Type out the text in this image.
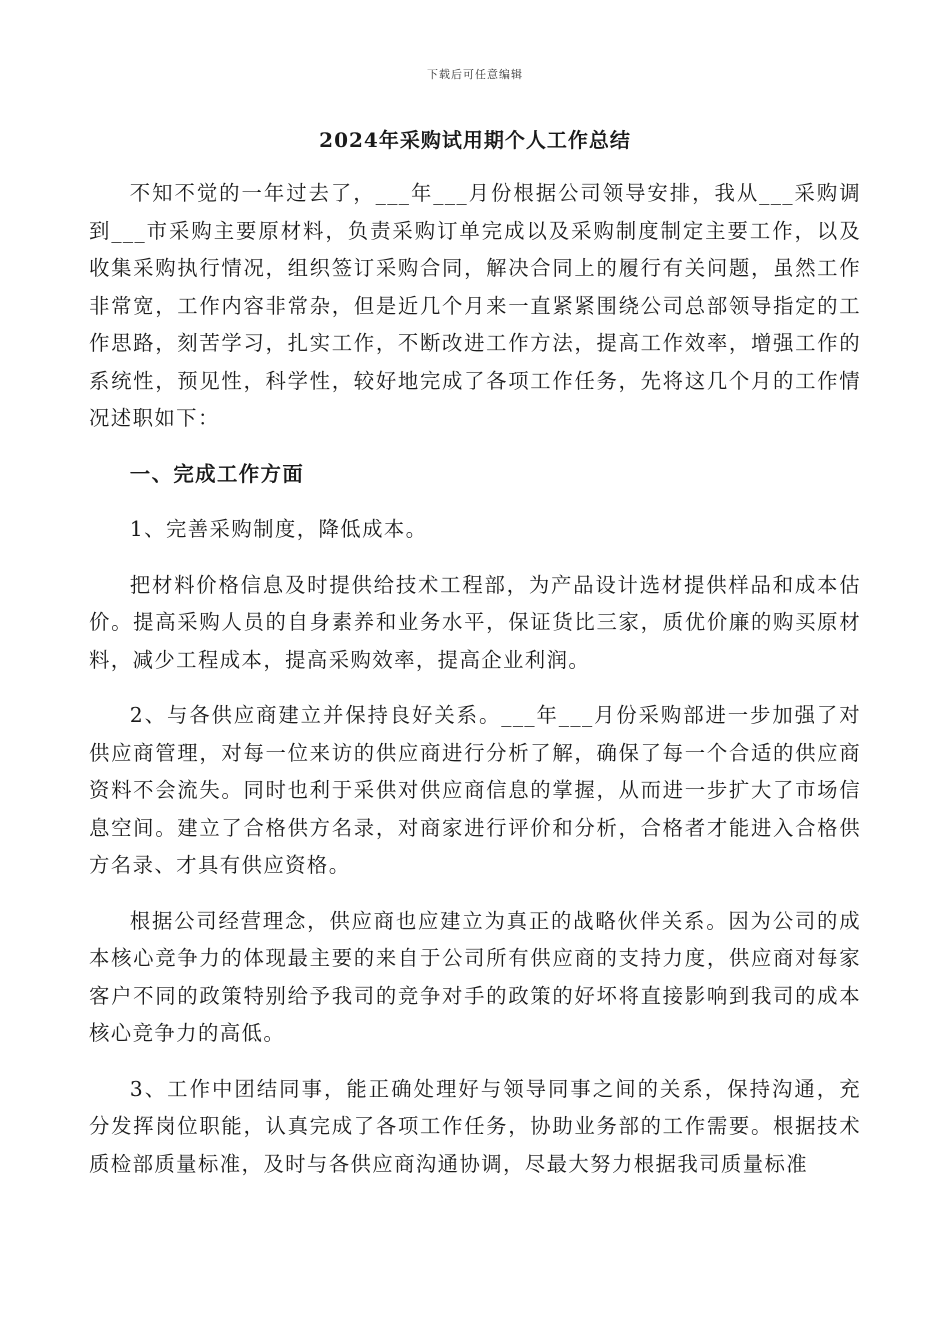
下载后可任意编辑
2024年采购试用期个人工作总结

不知不觉的一年过去了，___年___月份根据公司领导安排，我从___采购调到___市采购主要原材料，负责采购订单完成以及采购制度制定主要工作，以及收集采购执行情况，组织签订采购合同，解决合同上的履行有关问题，虽然工作非常宽，工作内容非常杂，但是近几个月来一直紧紧围绕公司总部领导指定的工作思路，刻苦学习，扎实工作，不断改进工作方法，提高工作效率，增强工作的系统性，预见性，科学性，较好地完成了各项工作任务，先将这几个月的工作情况述职如下：

一、完成工作方面

1、完善采购制度，降低成本。

把材料价格信息及时提供给技术工程部，为产品设计选材提供样品和成本估价。提高采购人员的自身素养和业务水平，保证货比三家，质优价廉的购买原材料，减少工程成本，提高采购效率，提高企业利润。

2、与各供应商建立并保持良好关系。___年___月份采购部进一步加强了对供应商管理，对每一位来访的供应商进行分析了解，确保了每一个合适的供应商资料不会流失。同时也利于采供对供应商信息的掌握，从而进一步扩大了市场信息空间。建立了合格供方名录，对商家进行评价和分析，合格者才能进入合格供方名录、才具有供应资格。

根据公司经营理念，供应商也应建立为真正的战略伙伴关系。因为公司的成本核心竞争力的体现最主要的来自于公司所有供应商的支持力度，供应商对每家客户不同的政策特别给予我司的竞争对手的政策的好坏将直接影响到我司的成本核心竞争力的高低。

3、工作中团结同事，能正确处理好与领导同事之间的关系，保持沟通，充分发挥岗位职能，认真完成了各项工作任务，协助业务部的工作需要。根据技术质检部质量标准，及时与各供应商沟通协调，尽最大努力根据我司质量标准
